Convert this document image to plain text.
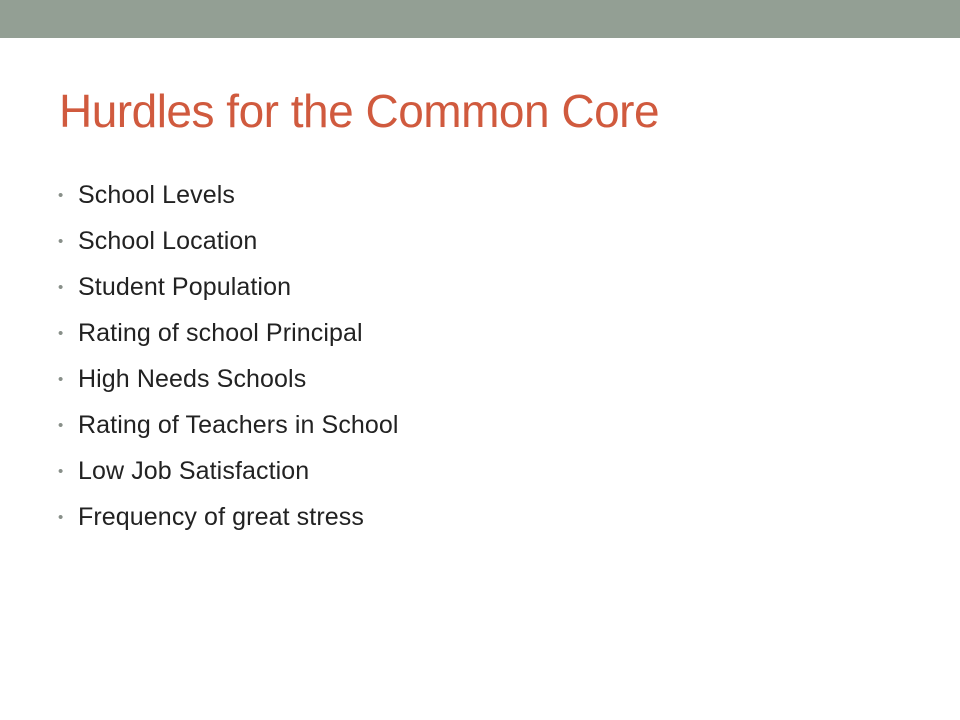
Hurdles for the Common Core
• School Levels
• School Location
• Student Population
• Rating of school Principal
• High Needs Schools
• Rating of Teachers in School
• Low Job Satisfaction
• Frequency of great stress
